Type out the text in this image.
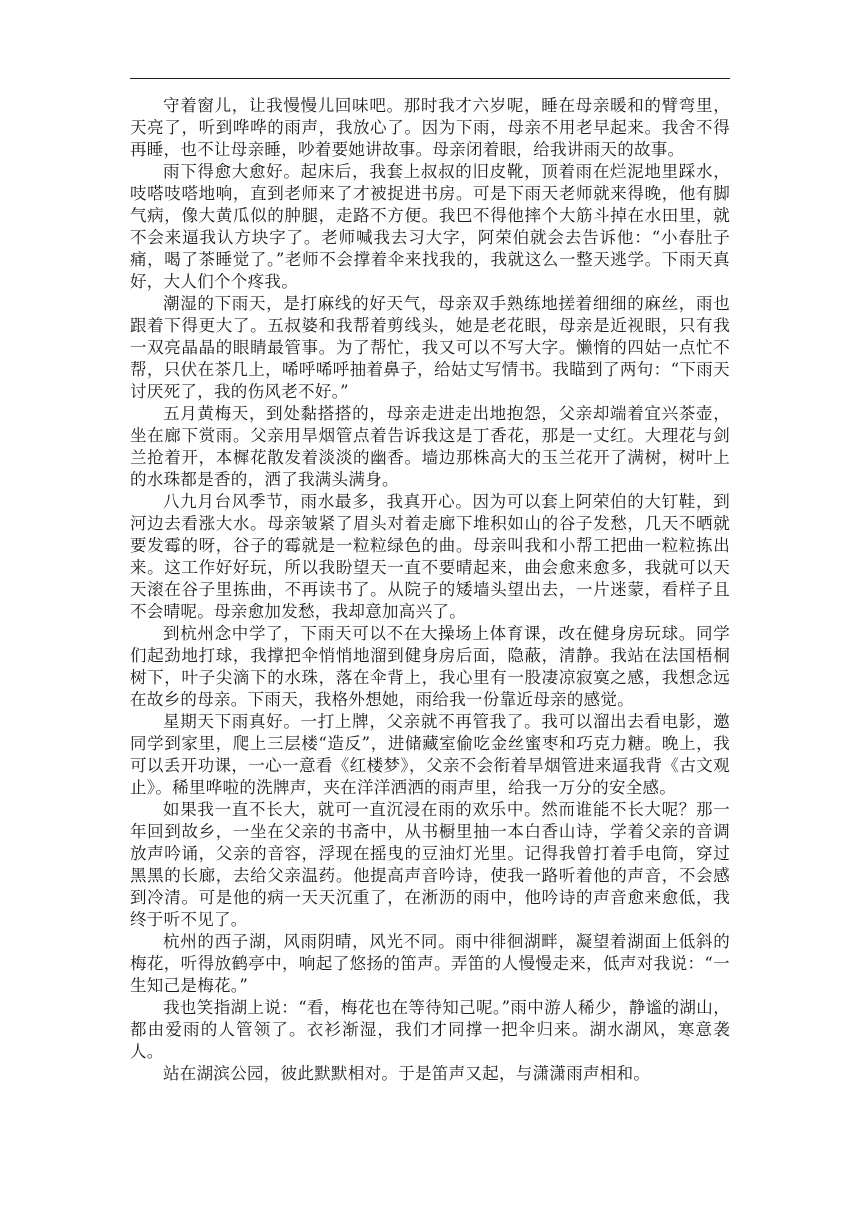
守着窗儿，让我慢慢儿回味吧。那时我才六岁呢，睡在母亲暖和的臂弯里，天亮了，听到哗哗的雨声，我放心了。因为下雨，母亲不用老早起来。我舍不得再睡，也不让母亲睡，吵着要她讲故事。母亲闭着眼，给我讲雨天的故事。

雨下得愈大愈好。起床后，我套上叔叔的旧皮靴，顶着雨在烂泥地里踩水，吱嗒吱嗒地响，直到老师来了才被捉进书房。可是下雨天老师就来得晚，他有脚气病，像大黄瓜似的肿腿，走路不方便。我巴不得他摔个大筋斗掉在水田里，就不会来逼我认方块字了。老师喊我去习大字，阿荣伯就会去告诉他：“小春肚子痛，喝了茶睡觉了。”老师不会撑着伞来找我的，我就这么一整天逃学。下雨天真好，大人们个个疼我。

潮湿的下雨天，是打麻线的好天气，母亲双手熟练地搓着细细的麻丝，雨也跟着下得更大了。五叔婆和我帮着剪线头，她是老花眼，母亲是近视眼，只有我一双亮晶晶的眼睛最管事。为了帮忙，我又可以不写大字。懒惰的四姑一点忙不帮，只伏在茶几上，唏呼唏呼抽着鼻子，给姑丈写情书。我瞄到了两句：“下雨天讨厌死了，我的伤风老不好。”

五月黄梅天，到处黏搭搭的，母亲走进走出地抱怨，父亲却端着宜兴茶壶，坐在廊下赏雨。父亲用旱烟管点着告诉我这是丁香花，那是一丈红。大理花与剑兰抢着开，本樨花散发着淡淡的幽香。墙边那株高大的玉兰花开了满树，树叶上的水珠都是香的，洒了我满头满身。

八九月台风季节，雨水最多，我真开心。因为可以套上阿荣伯的大钉鞋，到河边去看涨大水。母亲皱紧了眉头对着走廊下堆积如山的谷子发愁，几天不晒就要发霉的呀，谷子的霉就是一粒粒绿色的曲。母亲叫我和小帮工把曲一粒粒拣出来。这工作好好玩，所以我盼望天一直不要晴起来，曲会愈来愈多，我就可以天天滚在谷子里拣曲，不再读书了。从院子的矮墙头望出去，一片迷蒙，看样子且不会晴呢。母亲愈加发愁，我却意加高兴了。

到杭州念中学了，下雨天可以不在大操场上体育课，改在健身房玩球。同学们起劲地打球，我撑把伞悄悄地溜到健身房后面，隐蔽，清静。我站在法国梧桐树下，叶子尖滴下的水珠，落在伞背上，我心里有一股凄凉寂寞之感，我想念远在故乡的母亲。下雨天，我格外想她，雨给我一份靠近母亲的感觉。

星期天下雨真好。一打上牌，父亲就不再管我了。我可以溜出去看电影，邀同学到家里，爬上三层楼“造反”，进储藏室偷吃金丝蜜枣和巧克力糖。晚上，我可以丢开功课，一心一意看《红楼梦》，父亲不会衔着旱烟管进来逼我背《古文观止》。稀里哗啦的洗牌声，夹在洋洋洒洒的雨声里，给我一万分的安全感。

如果我一直不长大，就可一直沉浸在雨的欢乐中。然而谁能不长大呢？那一年回到故乡，一坐在父亲的书斋中，从书橱里抽一本白香山诗，学着父亲的音调放声吟诵，父亲的音容，浮现在摇曳的豆油灯光里。记得我曾打着手电筒，穿过黑黑的长廊，去给父亲温药。他提高声音吟诗，使我一路听着他的声音，不会感到冷清。可是他的病一天天沉重了，在淅沥的雨中，他吟诗的声音愈来愈低，我终于听不见了。

杭州的西子湖，风雨阴晴，风光不同。雨中徘徊湖畔，凝望着湖面上低斜的梅花，听得放鹤亭中，响起了悠扬的笛声。弄笛的人慢慢走来，低声对我说：“一生知己是梅花。”

我也笑指湖上说：“看，梅花也在等待知己呢。”雨中游人稀少，静谧的湖山，都由爱雨的人管领了。衣衫渐湿，我们才同撑一把伞归来。湖水湖风，寒意袭人。

站在湖滨公园，彼此默默相对。于是笛声又起，与潇潇雨声相和。
